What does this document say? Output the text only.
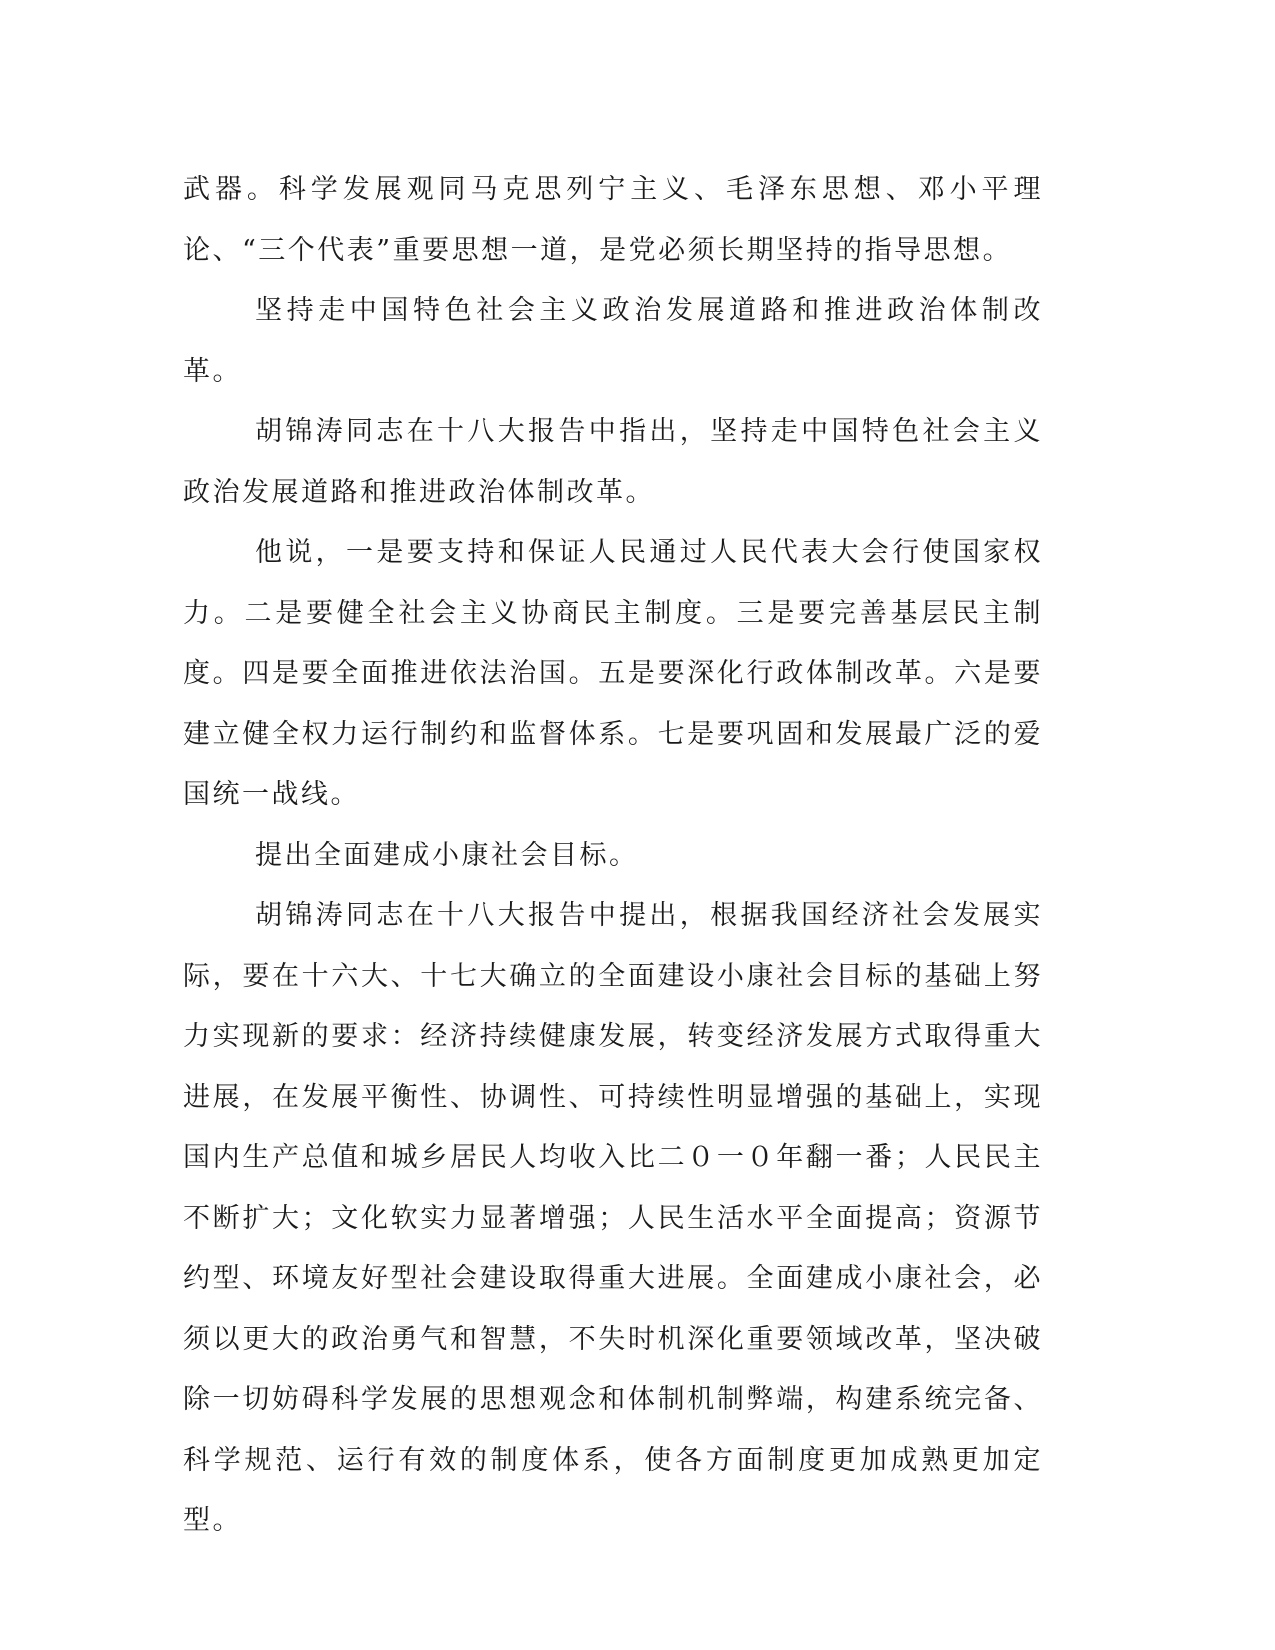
武器。科学发展观同马克思列宁主义、毛泽东思想、邓小平理论、“三个代表”重要思想一道，是党必须长期坚持的指导思想。

坚持走中国特色社会主义政治发展道路和推进政治体制改革。

胡锦涛同志在十八大报告中指出，坚持走中国特色社会主义政治发展道路和推进政治体制改革。

他说，一是要支持和保证人民通过人民代表大会行使国家权力。二是要健全社会主义协商民主制度。三是要完善基层民主制度。四是要全面推进依法治国。五是要深化行政体制改革。六是要建立健全权力运行制约和监督体系。七是要巩固和发展最广泛的爱国统一战线。

提出全面建成小康社会目标。

胡锦涛同志在十八大报告中提出，根据我国经济社会发展实际，要在十六大、十七大确立的全面建设小康社会目标的基础上努力实现新的要求：经济持续健康发展，转变经济发展方式取得重大进展，在发展平衡性、协调性、可持续性明显增强的基础上，实现国内生产总值和城乡居民人均收入比二０一０年翻一番；人民民主不断扩大；文化软实力显著增强；人民生活水平全面提高；资源节约型、环境友好型社会建设取得重大进展。全面建成小康社会，必须以更大的政治勇气和智慧，不失时机深化重要领域改革，坚决破除一切妨碍科学发展的思想观念和体制机制弊端，构建系统完备、科学规范、运行有效的制度体系，使各方面制度更加成熟更加定型。
